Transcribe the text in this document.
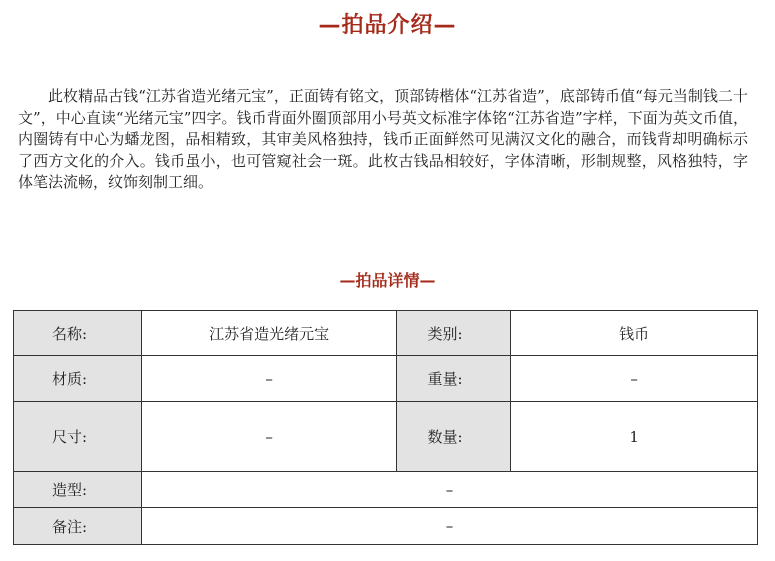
—拍品介绍—

此枚精品古钱“江苏省造光绪元宝”，正面铸有铭文，顶部铸楷体“江苏省造”，底部铸币值“每元当制钱二十文”，中心直读“光绪元宝”四字。钱币背面外圈顶部用小号英文标准字体铭“江苏省造”字样，下面为英文币值，内圈铸有中心为蟠龙图，品相精致，其审美风格独持，钱币正面鲜然可见满汉文化的融合，而钱背却明确标示了西方文化的介入。钱币虽小，也可管窥社会一斑。此枚古钱品相较好，字体清晰，形制规整，风格独特，字体笔法流畅，纹饰刻制工细。

—拍品详情—
名称:	江苏省造光绪元宝	类别:	钱币
材质:	–	重量:	–
尺寸:	–	数量:	1
造型:	–		
备注:	–		
